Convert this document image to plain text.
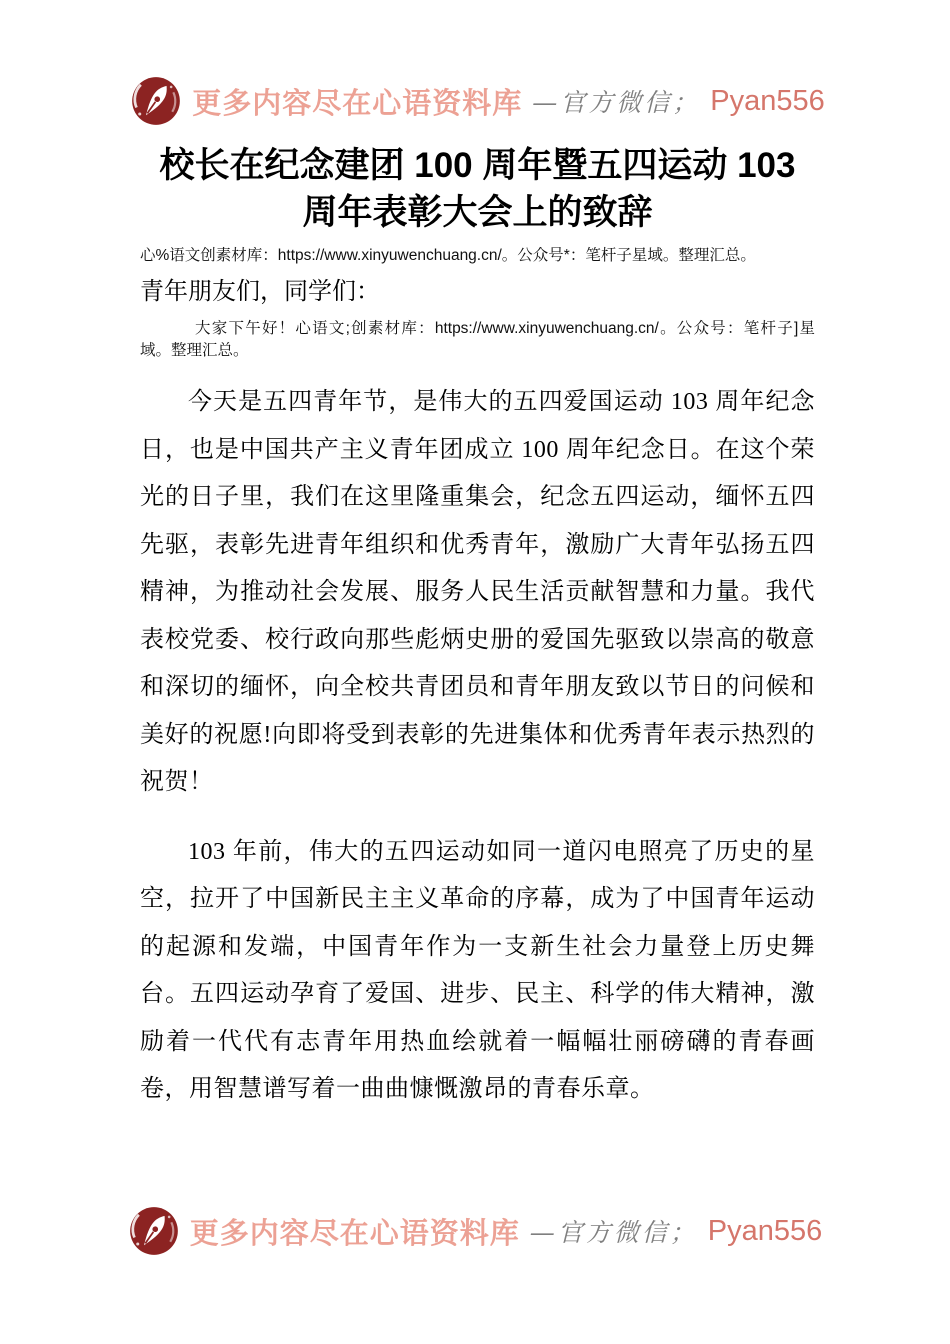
更多内容尽在心语资料库 —官方微信； Pyan556
校长在纪念建团 100 周年暨五四运动 103
周年表彰大会上的致辞
心%语文创素材库：https://www.xinyuwenchuang.cn/。公众号*：笔杆子星域。整理汇总。
青年朋友们，同学们：
大家下午好！心语文;创素材库：https://www.xinyuwenchuang.cn/。公众号：笔杆子]星域。整理汇总。

今天是五四青年节，是伟大的五四爱国运动 103 周年纪念日，也是中国共产主义青年团成立 100 周年纪念日。在这个荣光的日子里，我们在这里隆重集会，纪念五四运动，缅怀五四先驱，表彰先进青年组织和优秀青年，激励广大青年弘扬五四精神，为推动社会发展、服务人民生活贡献智慧和力量。我代表校党委、校行政向那些彪炳史册的爱国先驱致以崇高的敬意和深切的缅怀，向全校共青团员和青年朋友致以节日的问候和美好的祝愿!向即将受到表彰的先进集体和优秀青年表示热烈的祝贺！

103 年前，伟大的五四运动如同一道闪电照亮了历史的星空，拉开了中国新民主主义革命的序幕，成为了中国青年运动的起源和发端，中国青年作为一支新生社会力量登上历史舞台。五四运动孕育了爱国、进步、民主、科学的伟大精神，激励着一代代有志青年用热血绘就着一幅幅壮丽磅礴的青春画卷，用智慧谱写着一曲曲慷慨激昂的青春乐章。

更多内容尽在心语资料库 —官方微信； Pyan556
